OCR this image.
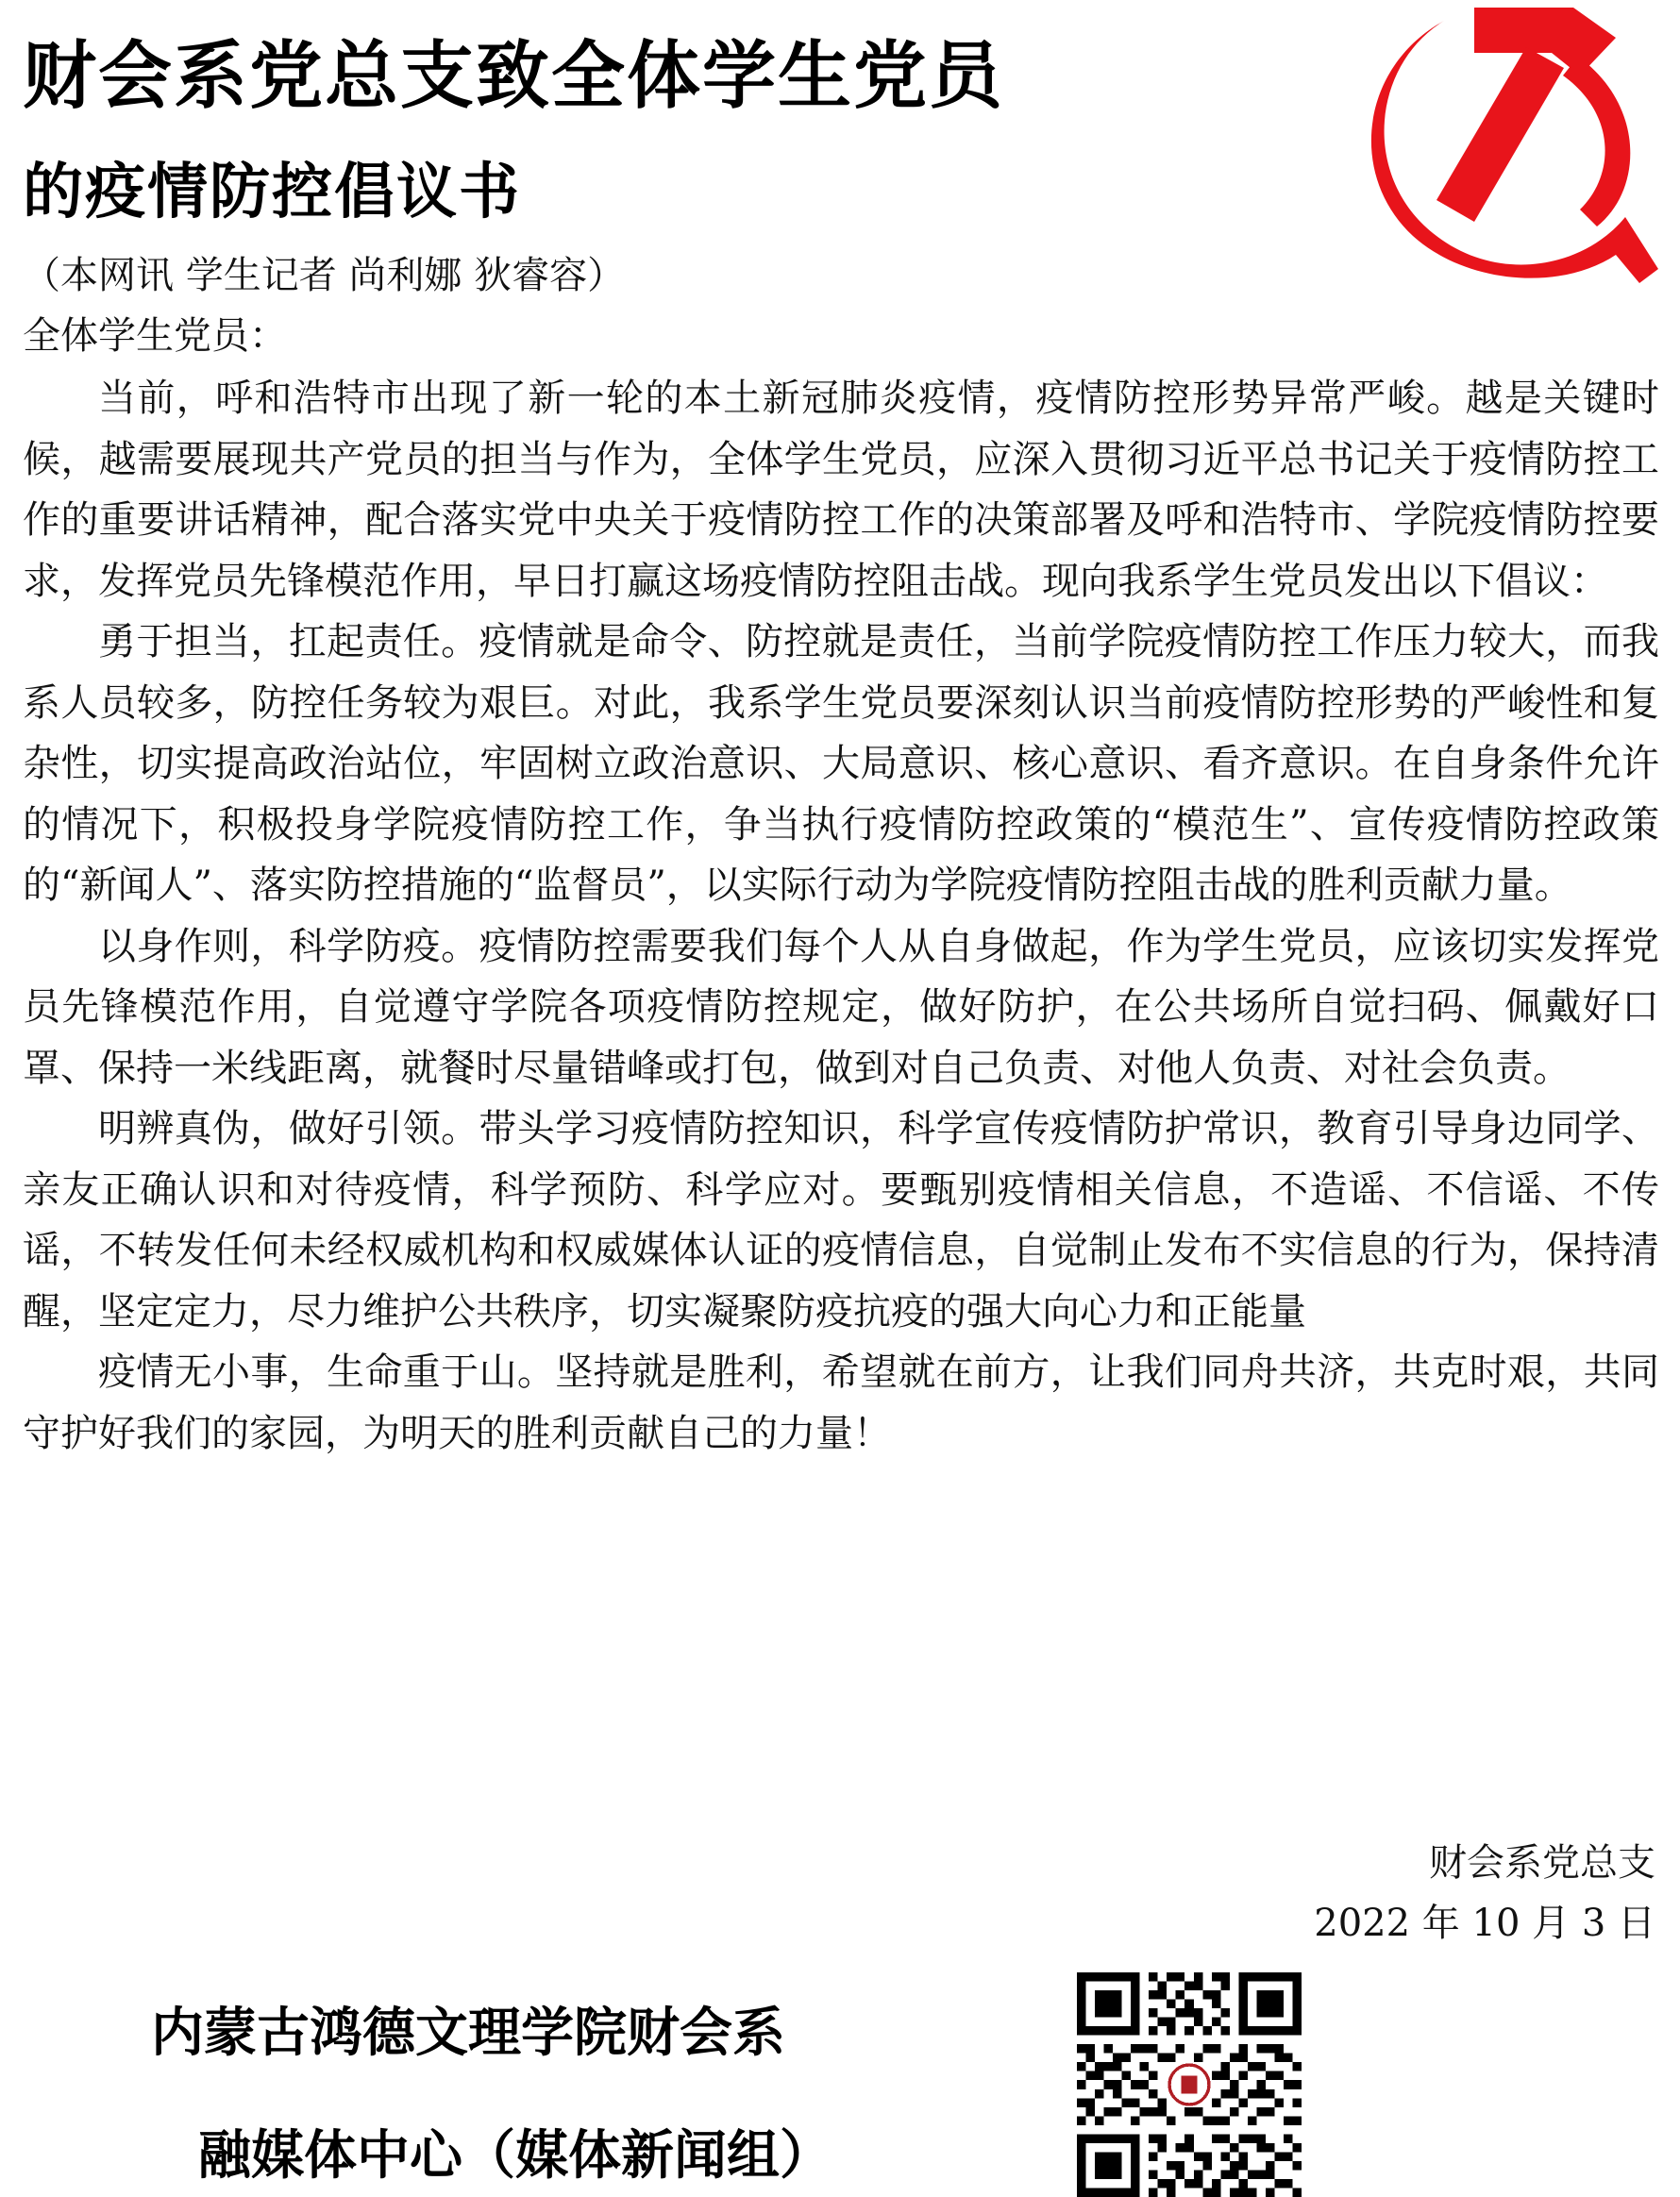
财会系党总支致全体学生党员
的疫情防控倡议书
（本网讯 学生记者 尚利娜 狄睿容）
全体学生党员：

当前，呼和浩特市出现了新一轮的本土新冠肺炎疫情，疫情防控形势异常严峻。越是关键时候，越需要展现共产党员的担当与作为，全体学生党员，应深入贯彻习近平总书记关于疫情防控工作的重要讲话精神，配合落实党中央关于疫情防控工作的决策部署及呼和浩特市、学院疫情防控要求，发挥党员先锋模范作用，早日打赢这场疫情防控阻击战。现向我系学生党员发出以下倡议：

勇于担当，扛起责任。疫情就是命令、防控就是责任，当前学院疫情防控工作压力较大，而我系人员较多，防控任务较为艰巨。对此，我系学生党员要深刻认识当前疫情防控形势的严峻性和复杂性，切实提高政治站位，牢固树立政治意识、大局意识、核心意识、看齐意识。在自身条件允许的情况下，积极投身学院疫情防控工作，争当执行疫情防控政策的“模范生”、宣传疫情防控政策的“新闻人”、落实防控措施的“监督员”，以实际行动为学院疫情防控阻击战的胜利贡献力量。

以身作则，科学防疫。疫情防控需要我们每个人从自身做起，作为学生党员，应该切实发挥党员先锋模范作用，自觉遵守学院各项疫情防控规定，做好防护，在公共场所自觉扫码、佩戴好口罩、保持一米线距离，就餐时尽量错峰或打包，做到对自己负责、对他人负责、对社会负责。

明辨真伪，做好引领。带头学习疫情防控知识，科学宣传疫情防护常识，教育引导身边同学、亲友正确认识和对待疫情，科学预防、科学应对。要甄别疫情相关信息，不造谣、不信谣、不传谣，不转发任何未经权威机构和权威媒体认证的疫情信息，自觉制止发布不实信息的行为，保持清醒，坚定定力，尽力维护公共秩序，切实凝聚防疫抗疫的强大向心力和正能量

疫情无小事，生命重于山。坚持就是胜利，希望就在前方，让我们同舟共济，共克时艰，共同守护好我们的家园，为明天的胜利贡献自己的力量！

财会系党总支
2022 年 10 月 3 日
内蒙古鸿德文理学院财会系
融媒体中心（媒体新闻组）
